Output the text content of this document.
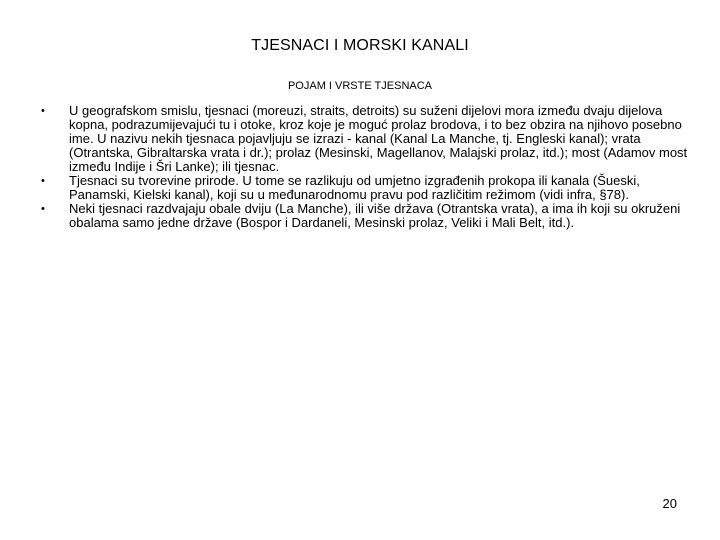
TJESNACI I MORSKI KANALI
POJAM I VRSTE TJESNACA
•	U geografskom smislu, tjesnaci (moreuzi, straits, detroits) su suženi dijelovi mora između dvaju dijelova kopna, podrazumijevajući tu i otoke, kroz koje je moguć prolaz brodova, i to bez obzira na njihovo posebno ime. U nazivu nekih tjesnaca pojavljuju se izrazi - kanal (Kanal La Manche, tj. Engleski kanal); vrata (Otrantska, Gibraltarska vrata i dr.); prolaz (Mesinski, Magellanov, Malajski prolaz, itd.); most (Adamov most između Indije i Šri Lanke); ili tjesnac.
•	Tjesnaci su tvorevine prirode. U tome se razlikuju od umjetno izgrađenih prokopa ili kanala (Šueski, Panamski, Kielski kanal), koji su u međunarodnomu pravu pod različitim režimom (vidi infra, §78).
•	Neki tjesnaci razdvajaju obale dviju (La Manche), ili više država (Otrantska vrata), a ima ih koji su okruženi obalama samo jedne države (Bospor i Dardaneli, Mesinski prolaz, Veliki i Mali Belt, itd.).
20
